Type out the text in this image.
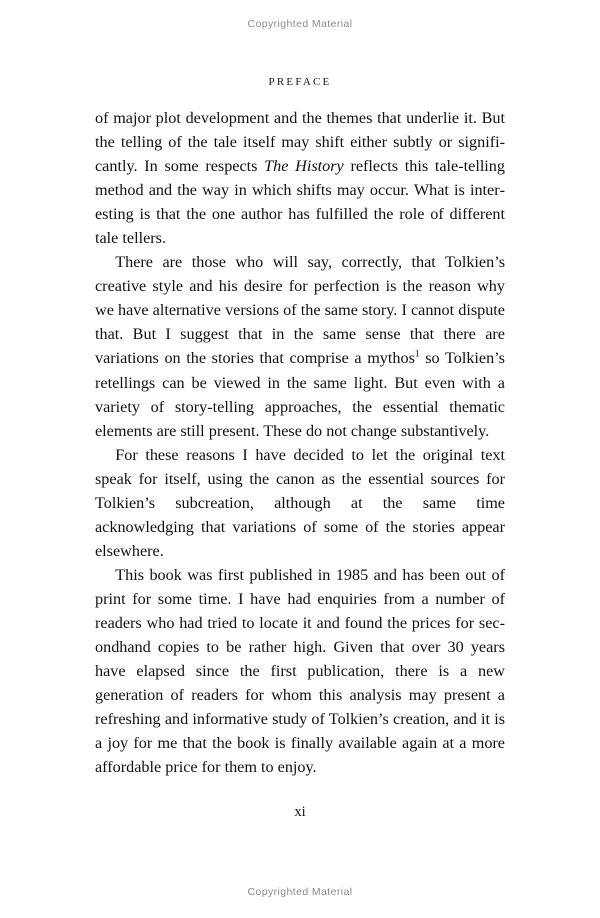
Copyrighted Material
PREFACE

of major plot development and the themes that underlie it. But the telling of the tale itself may shift either subtly or significantly. In some respects The History reflects this tale-telling method and the way in which shifts may occur. What is interesting is that the one author has fulfilled the role of different tale tellers.

There are those who will say, correctly, that Tolkien’s creative style and his desire for perfection is the reason why we have alternative versions of the same story. I cannot dispute that. But I suggest that in the same sense that there are variations on the stories that comprise a mythos$^1$ so Tolkien’s retellings can be viewed in the same light. But even with a variety of story-telling approaches, the essential thematic elements are still present. These do not change substantively.

For these reasons I have decided to let the original text speak for itself, using the canon as the essential sources for Tolkien’s subcreation, although at the same time acknowledging that variations of some of the stories appear elsewhere.

This book was first published in 1985 and has been out of print for some time. I have had enquiries from a number of readers who had tried to locate it and found the prices for secondhand copies to be rather high. Given that over 30 years have elapsed since the first publication, there is a new generation of readers for whom this analysis may present a refreshing and informative study of Tolkien’s creation, and it is a joy for me that the book is finally available again at a more affordable price for them to enjoy.

xi
Copyrighted Material
